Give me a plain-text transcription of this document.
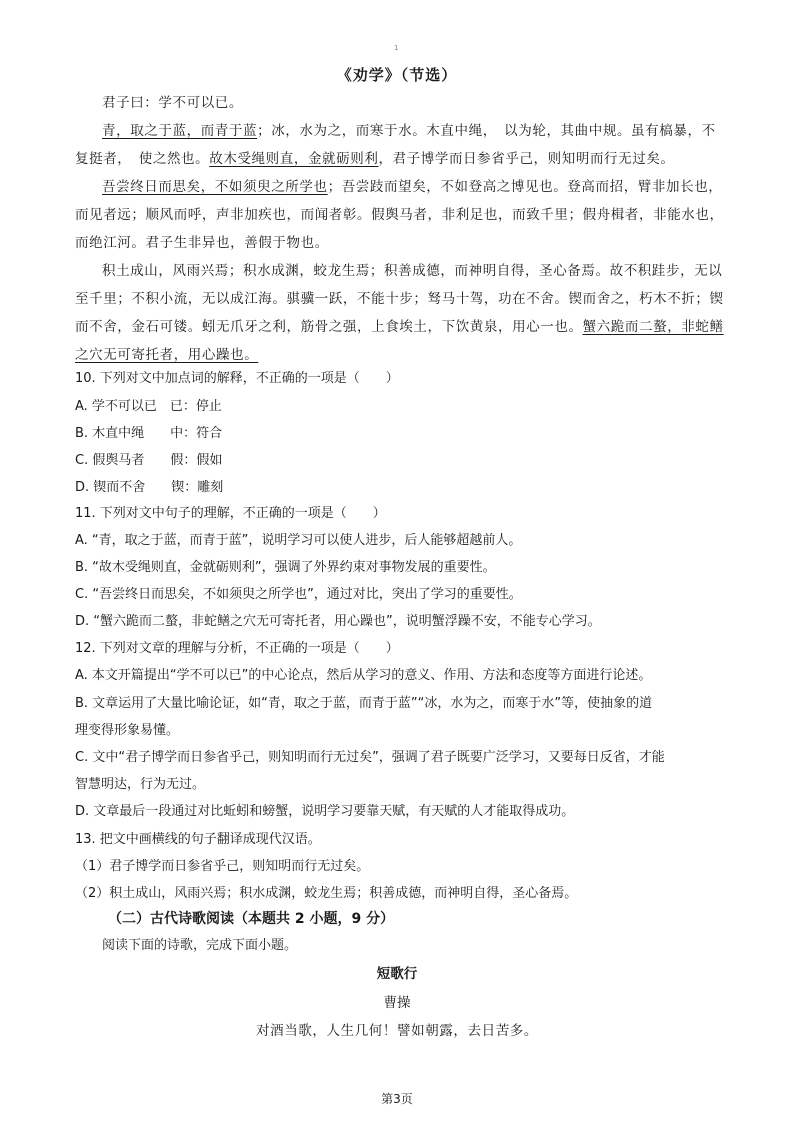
1
《劝学》（节选）
君子曰：学不可以已。
青，取之于蓝，而青于蓝；冰，水为之，而寒于水。木直中绳，　以为轮，其曲中规。虽有槁暴，不
复挺者，　使之然也。故木受绳则直，金就砺则利，君子博学而日参省乎己，则知明而行无过矣。
吾尝终日而思矣，不如须臾之所学也；吾尝跂而望矣，不如登高之博见也。登高而招，臂非加长也，
而见者远；顺风而呼，声非加疾也，而闻者彰。假舆马者，非利足也，而致千里；假舟楫者，非能水也，
而绝江河。君子生非异也，善假于物也。
积土成山，风雨兴焉；积水成渊，蛟龙生焉；积善成德，而神明自得，圣心备焉。故不积跬步，无以
至千里；不积小流，无以成江海。骐骥一跃，不能十步；驽马十驾，功在不舍。锲而舍之，朽木不折；锲
而不舍，金石可镂。蚓无爪牙之利，筋骨之强，上食埃土，下饮黄泉，用心一也。蟹六跪而二螯，非蛇鳝
之穴无可寄托者，用心躁也。
10. 下列对文中加点词的解释，不正确的一项是（　　）
A. 学不可以已　已：停止
B. 木直中绳　　中：符合
C. 假舆马者　　假：假如
D. 锲而不舍　　锲：雕刻
11. 下列对文中句子的理解，不正确的一项是（　　）
A. “青，取之于蓝，而青于蓝”，说明学习可以使人进步，后人能够超越前人。
B. “故木受绳则直，金就砺则利”，强调了外界约束对事物发展的重要性。
C. “吾尝终日而思矣，不如须臾之所学也”，通过对比，突出了学习的重要性。
D. “蟹六跪而二螯，非蛇鳝之穴无可寄托者，用心躁也”，说明蟹浮躁不安，不能专心学习。
12. 下列对文章的理解与分析，不正确的一项是（　　）
A. 本文开篇提出“学不可以已”的中心论点，然后从学习的意义、作用、方法和态度等方面进行论述。
B. 文章运用了大量比喻论证，如“青，取之于蓝，而青于蓝”“冰，水为之，而寒于水”等，使抽象的道
理变得形象易懂。
C. 文中“君子博学而日参省乎己，则知明而行无过矣”，强调了君子既要广泛学习，又要每日反省，才能
智慧明达，行为无过。
D. 文章最后一段通过对比蚯蚓和螃蟹，说明学习要靠天赋，有天赋的人才能取得成功。
13. 把文中画横线的句子翻译成现代汉语。
（1）君子博学而日参省乎己，则知明而行无过矣。
（2）积土成山，风雨兴焉；积水成渊，蛟龙生焉；积善成德，而神明自得，圣心备焉。
（二）古代诗歌阅读（本题共 2 小题，9 分）
阅读下面的诗歌，完成下面小题。
短歌行
曹操
对酒当歌，人生几何！譬如朝露，去日苦多。
第3页
